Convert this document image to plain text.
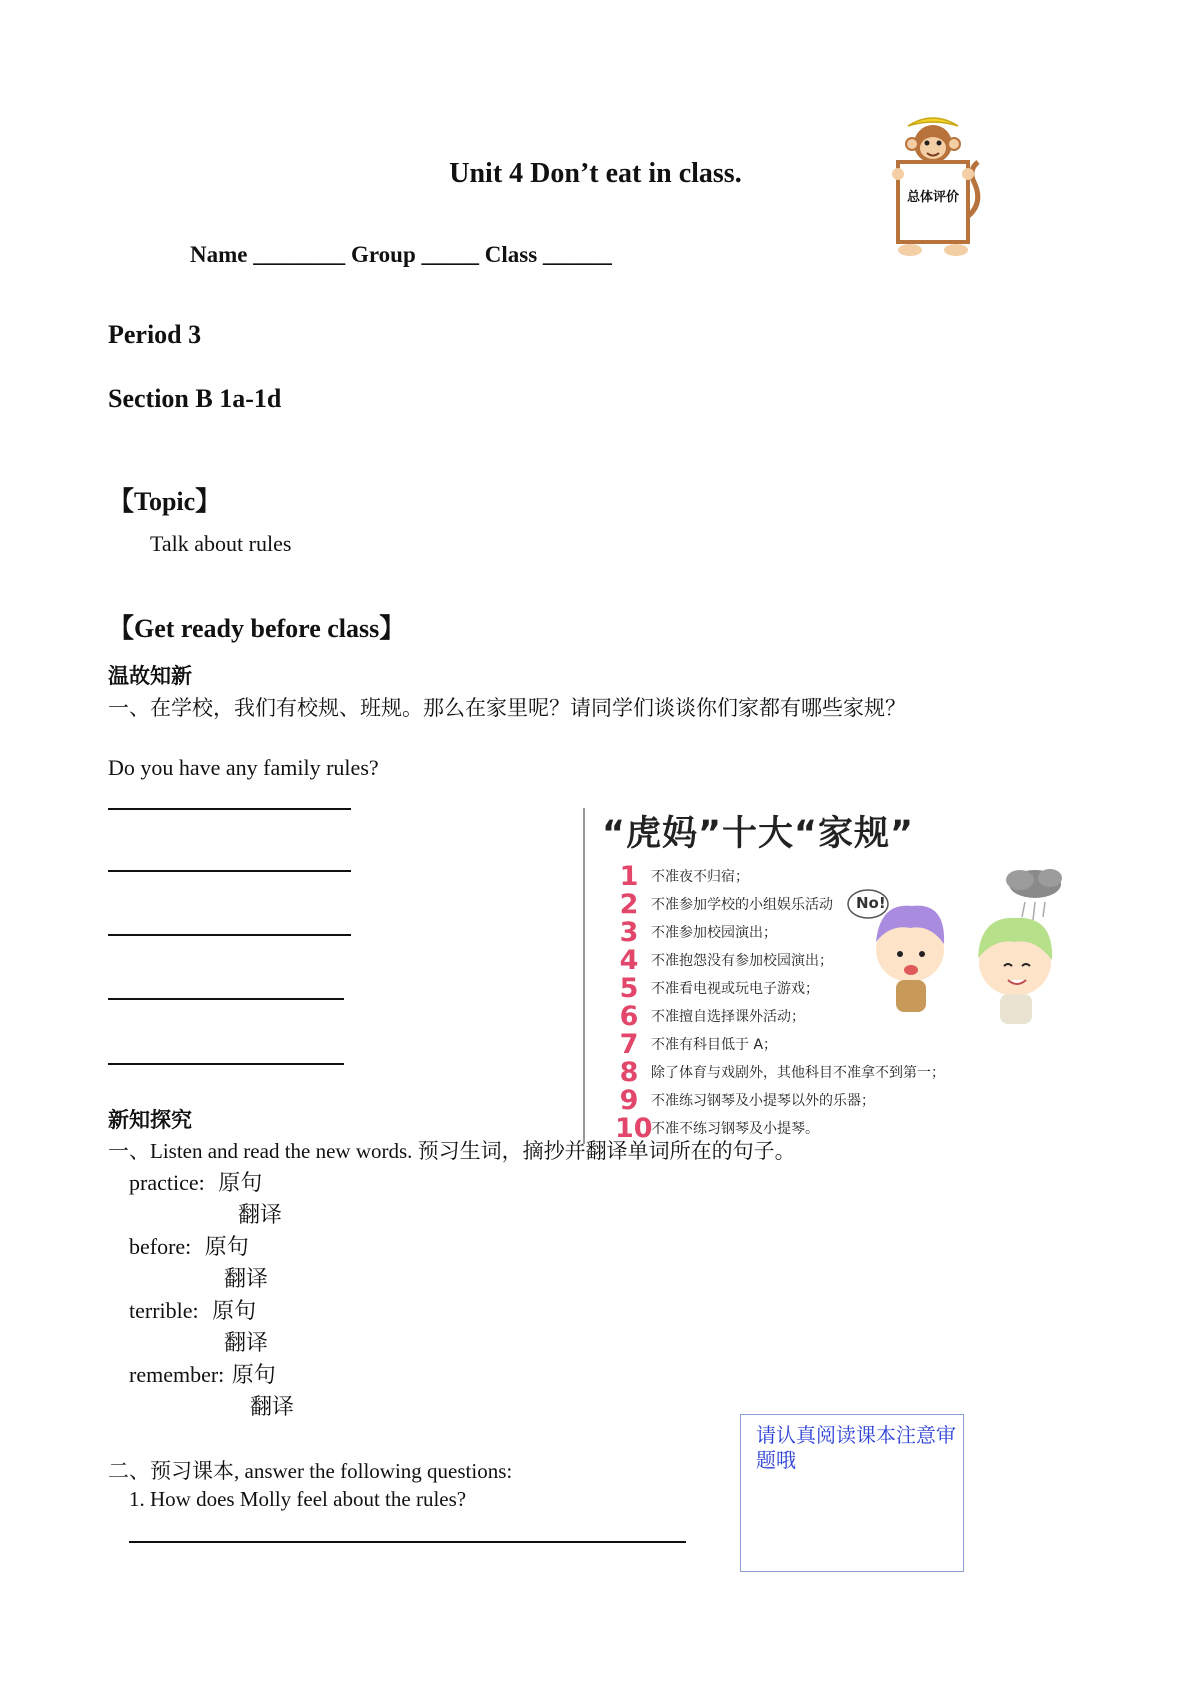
Unit 4 Don’t eat in class.
Name ________ Group _____ Class ______
总体评价
Period 3
Section B 1a-1d
【Topic】
Talk about rules
【Get ready before class】
温故知新
一、在学校，我们有校规、班规。那么在家里呢？请同学们谈谈你们家都有哪些家规？
Do you have any family rules?
“虎妈”十大“家规”
1 不准夜不归宿；
2 不准参加学校的小组娱乐活动
3 不准参加校园演出；
4 不准抱怨没有参加校园演出；
5 不准看电视或玩电子游戏；
6 不准擅自选择课外活动；
7 不准有科目低于 A；
8 除了体育与戏剧外，其他科目不准拿不到第一；
9 不准练习钢琴及小提琴以外的乐器；
10
不准不练习钢琴及小提琴。
No!
新知探究
一、Listen and read the new words. 预习生词，摘抄并翻译单词所在的句子。
practice: 原句
翻译
before: 原句
翻译
terrible: 原句
翻译
remember: 原句
翻译
二、预习课本, answer the following questions:
1. How does Molly feel about the rules?
请认真阅读课本注意审题哦
